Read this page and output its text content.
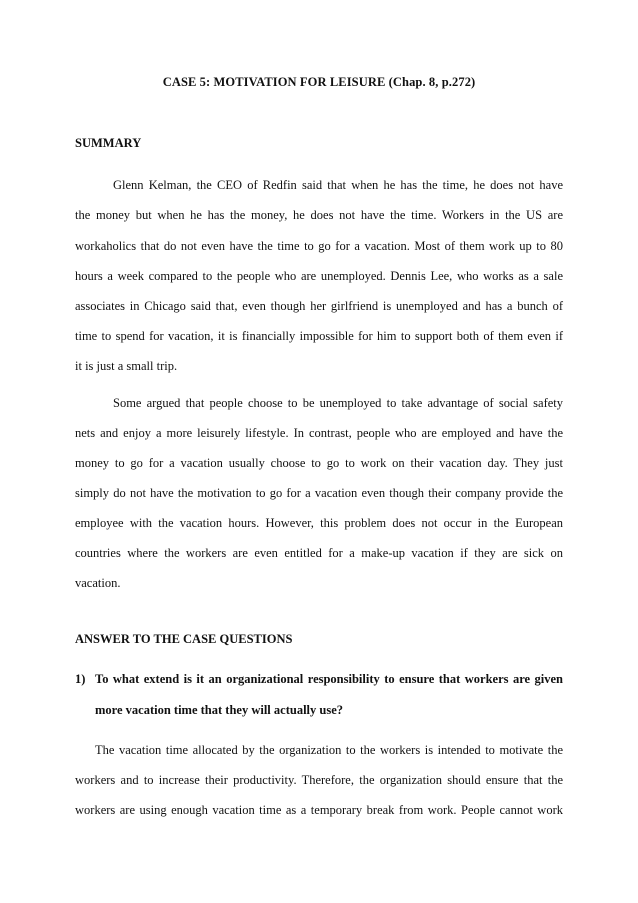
CASE 5: MOTIVATION FOR LEISURE (Chap. 8, p.272)
SUMMARY
Glenn Kelman, the CEO of Redfin said that when he has the time, he does not have
the money but when he has the money, he does not have the time. Workers in the US are
workaholics that do not even have the time to go for a vacation. Most of them work up to 80
hours a week compared to the people who are unemployed. Dennis Lee, who works as a sale
associates in Chicago said that, even though her girlfriend is unemployed and has a bunch of
time to spend for vacation, it is financially impossible for him to support both of them even if
it is just a small trip.
Some argued that people choose to be unemployed to take advantage of social safety
nets and enjoy a more leisurely lifestyle. In contrast, people who are employed and have the
money to go for a vacation usually choose to go to work on their vacation day. They just
simply do not have the motivation to go for a vacation even though their company provide the
employee with the vacation hours. However, this problem does not occur in the European
countries where the workers are even entitled for a make-up vacation if they are sick on
vacation.
ANSWER TO THE CASE QUESTIONS
1) To what extend is it an organizational responsibility to ensure that workers are given
more vacation time that they will actually use?
The vacation time allocated by the organization to the workers is intended to motivate the
workers and to increase their productivity. Therefore, the organization should ensure that the
workers are using enough vacation time as a temporary break from work. People cannot work
